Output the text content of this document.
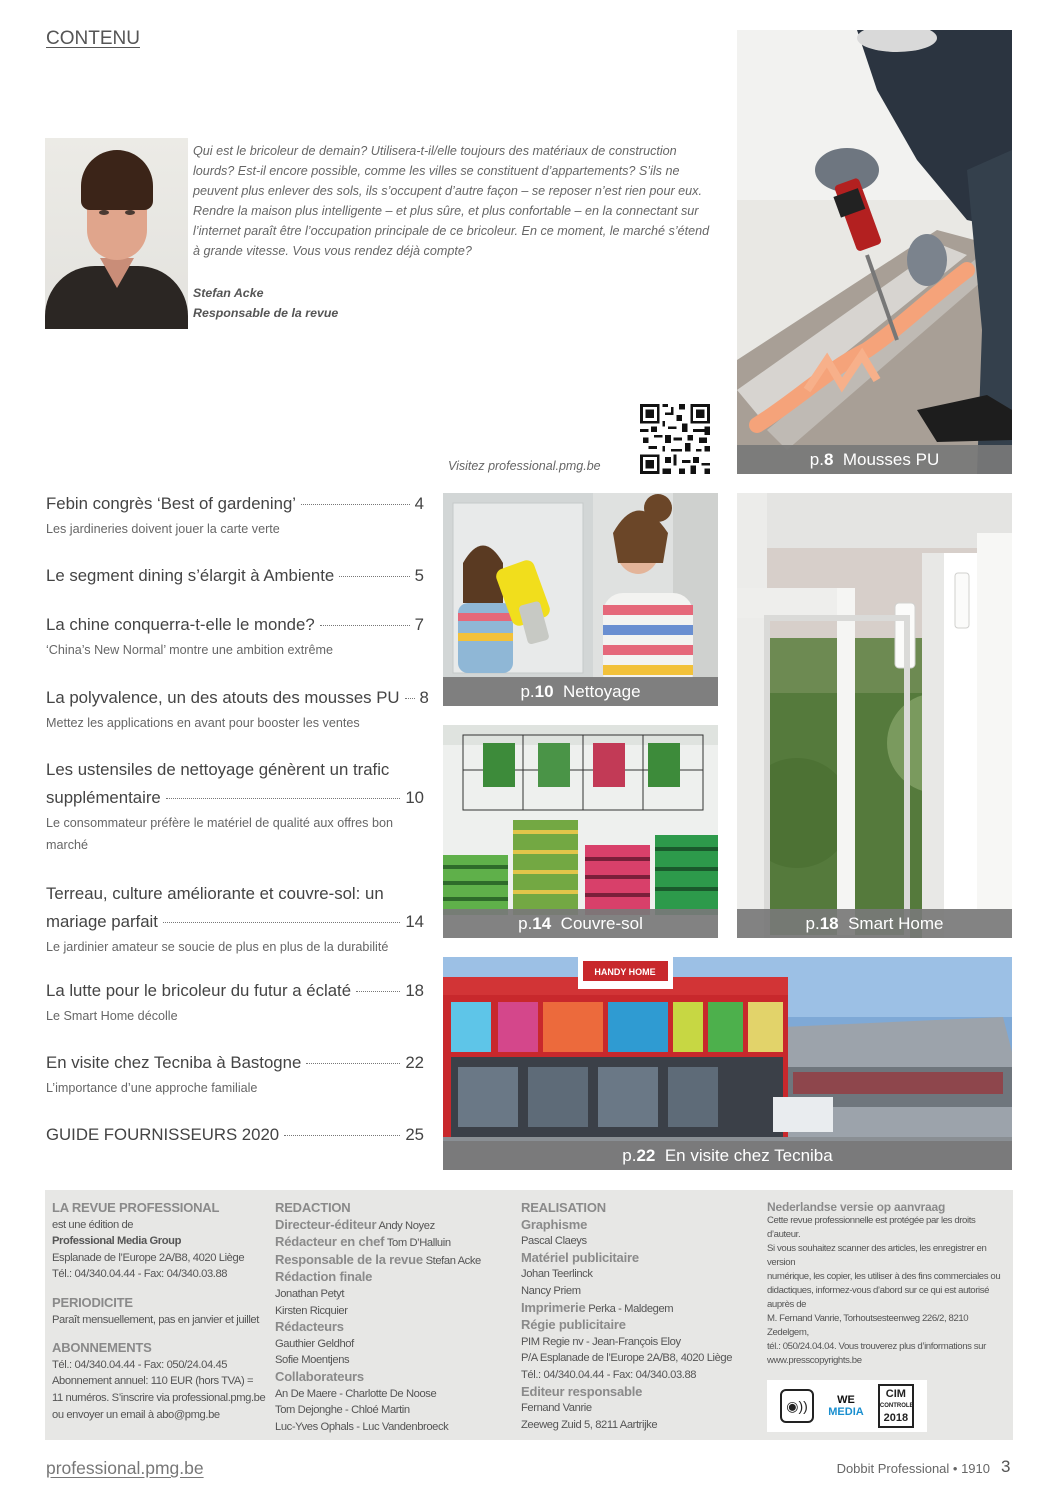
CONTENU
Qui est le bricoleur de demain? Utilisera-t-il/elle toujours des matériaux de construction lourds? Est-il encore possible, comme les villes se constituent d’appartements? S’ils ne peuvent plus enlever des sols, ils s’occupent d’autre façon – se reposer n’est rien pour eux. Rendre la maison plus intelligente – et plus sûre, et plus confortable – en la connectant sur l’internet paraît être l’occupation principale de ce bricoleur. En ce moment, le marché s’étend à grande vitesse. Vous vous rendez déjà compte?
Stefan Acke
Responsable de la revue
Visitez professional.pmg.be
Febin congrès ‘Best of gardening’	4
Les jardineries doivent jouer la carte verte
Le segment dining s’élargit à Ambiente	5
La chine conquerra-t-elle le monde?	7
‘China’s New Normal’ montre une ambition extrême
La polyvalence, un des atouts des mousses PU 8
Mettez les applications en avant pour booster les ventes
Les ustensiles de nettoyage génèrent un trafic
supplémentaire	10
Le consommateur préfère le matériel de qualité aux offres bon
marché
Terreau, culture améliorante et couvre-sol: un
mariage parfait	14
Le jardinier amateur se soucie de plus en plus de la durabilité
La lutte pour le bricoleur du futur a éclaté	18
Le Smart Home décolle
En visite chez Tecniba à Bastogne	22
L’importance d’une approche familiale
GUIDE FOURNISSEURS 2020	25
p.8 Mousses PU
p.10 Nettoyage
p.14 Couvre-sol	p.18 Smart Home
HANDY HOME
p.22 En visite chez Tecniba
LA REVUE PROFESSIONAL
est une édition de
Professional Media Group
Esplanade de l’Europe 2A/B8, 4020 Liège
Tél.: 04/340.04.44 - Fax: 04/340.03.88
PERIODICITE
Paraît mensuellement, pas en janvier et juillet
ABONNEMENTS
Tél.: 04/340.04.44 - Fax: 050/24.04.45
Abonnement annuel: 110 EUR (hors TVA) =
11 numéros. S’inscrire via professional.pmg.be
ou envoyer un email à abo@pmg.be
REDACTION
Directeur-éditeur Andy Noyez
Rédacteur en chef Tom D’Halluin
Responsable de la revue Stefan Acke
Rédaction finale
Jonathan Petyt
Kirsten Ricquier
Rédacteurs
Gauthier Geldhof
Sofie Moentjens
Collaborateurs
An De Maere - Charlotte De Noose
Tom Dejonghe - Chloé Martin
Luc-Yves Ophals - Luc Vandenbroeck
REALISATION
Graphisme
Pascal Claeys
Matériel publicitaire
Johan Teerlinck
Nancy Priem
Imprimerie Perka - Maldegem
Régie publicitaire
PIM Regie nv - Jean-François Eloy
P/A Esplanade de l’Europe 2A/B8, 4020 Liège
Tél.: 04/340.04.44 - Fax: 04/340.03.88
Editeur responsable
Fernand Vanrie
Zeeweg Zuid 5, 8211 Aartrijke
Nederlandse versie op aanvraag
Cette revue professionnelle est protégée par les droits d’auteur.
Si vous souhaitez scanner des articles, les enregistrer en version
numérique, les copier, les utiliser à des fins commerciales ou
didactiques, informez-vous d’abord sur ce qui est autorisé auprès de
M. Fernand Vanrie, Torhoutsesteenweg 226/2, 8210 Zedelgem,
tél.: 050/24.04.04. Vous trouverez plus d’informations sur
www.presscopyrights.be
◉))	WE
MEDIA
CIM
CONTROLE
2018
professional.pmg.be	Dobbit Professional • 1910 3
